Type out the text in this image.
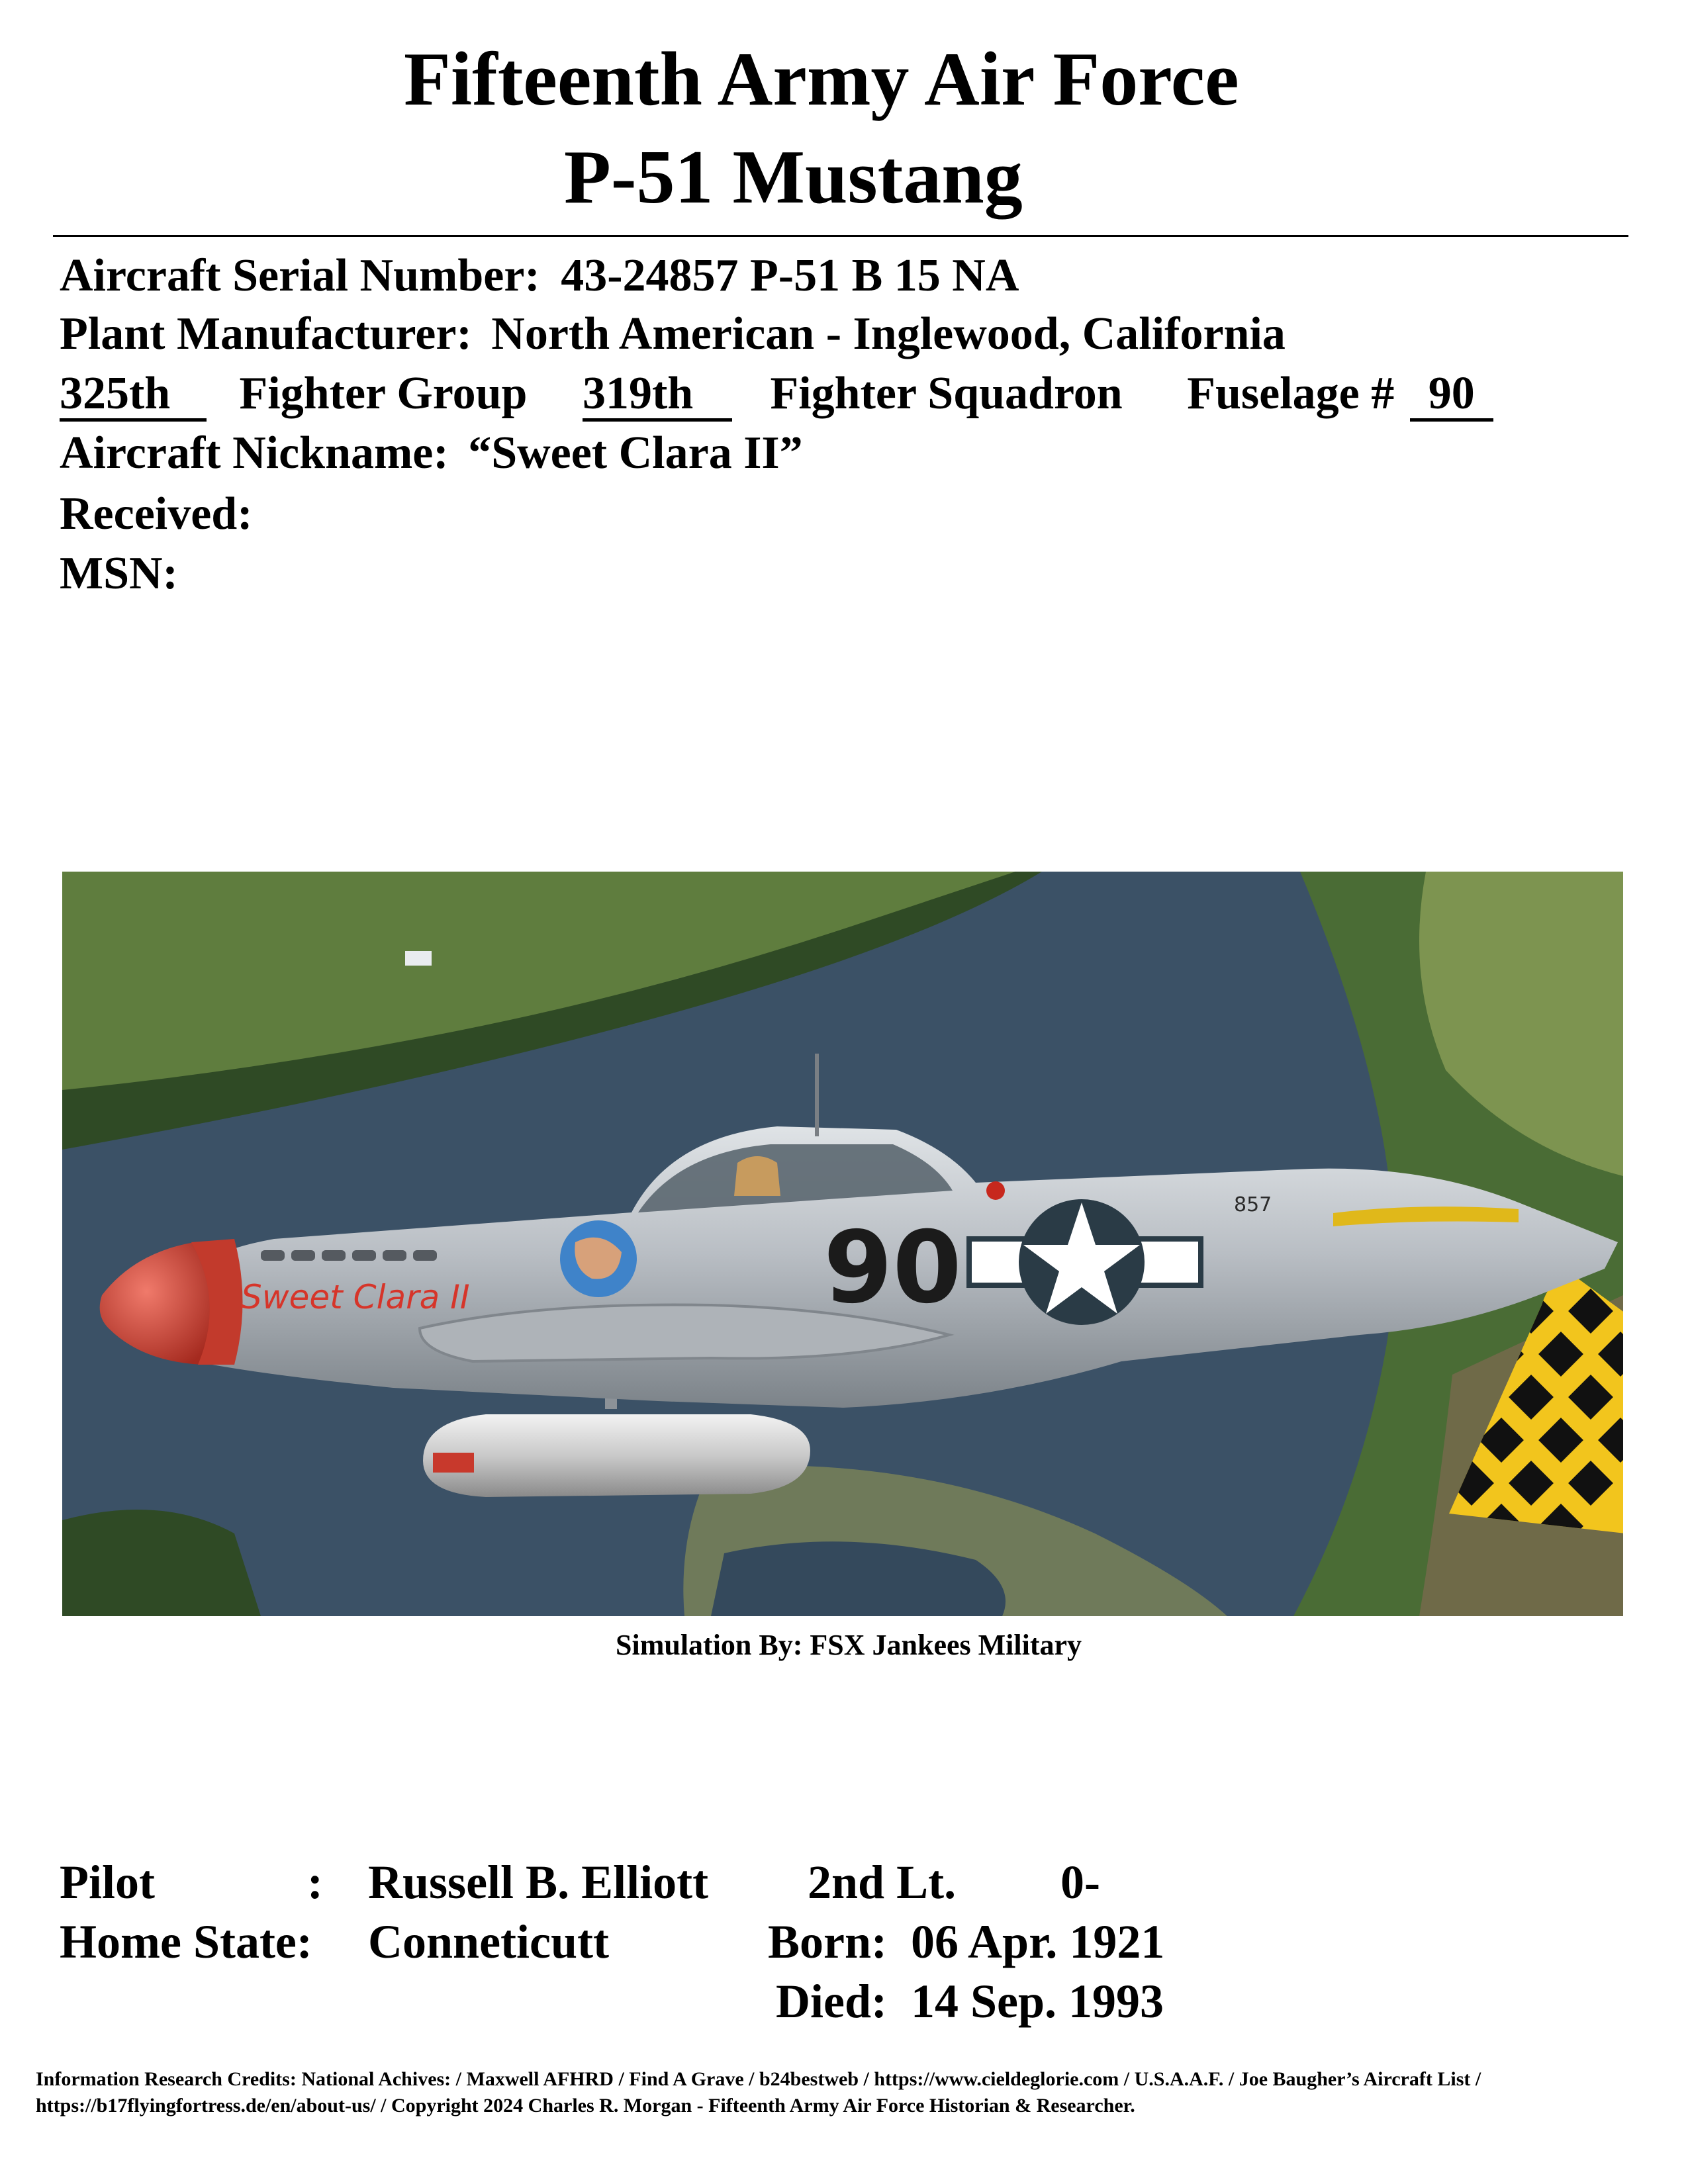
Fifteenth Army Air Force
P-51 Mustang
Aircraft Serial Number: 43-24857 P-51 B 15 NA
Plant Manufacturer: North American - Inglewood, California
325th Fighter Group 319th Fighter Squadron Fuselage # 90
Aircraft Nickname: “Sweet Clara II”
Received:
MSN:
Sweet Clara II	90
857
Simulation By: FSX Jankees Military
Pilot	: Russell B. Elliott 2nd Lt. 0-
Home State: Conneticutt	Born: 06 Apr. 1921
Died: 14 Sep. 1993
Information Research Credits: National Achives: / Maxwell AFHRD / Find A Grave / b24bestweb / https://www.cieldeglorie.com / U.S.A.A.F. / Joe Baugher’s Aircraft List /
https://b17flyingfortress.de/en/about-us/ / Copyright 2024 Charles R. Morgan - Fifteenth Army Air Force Historian & Researcher.
